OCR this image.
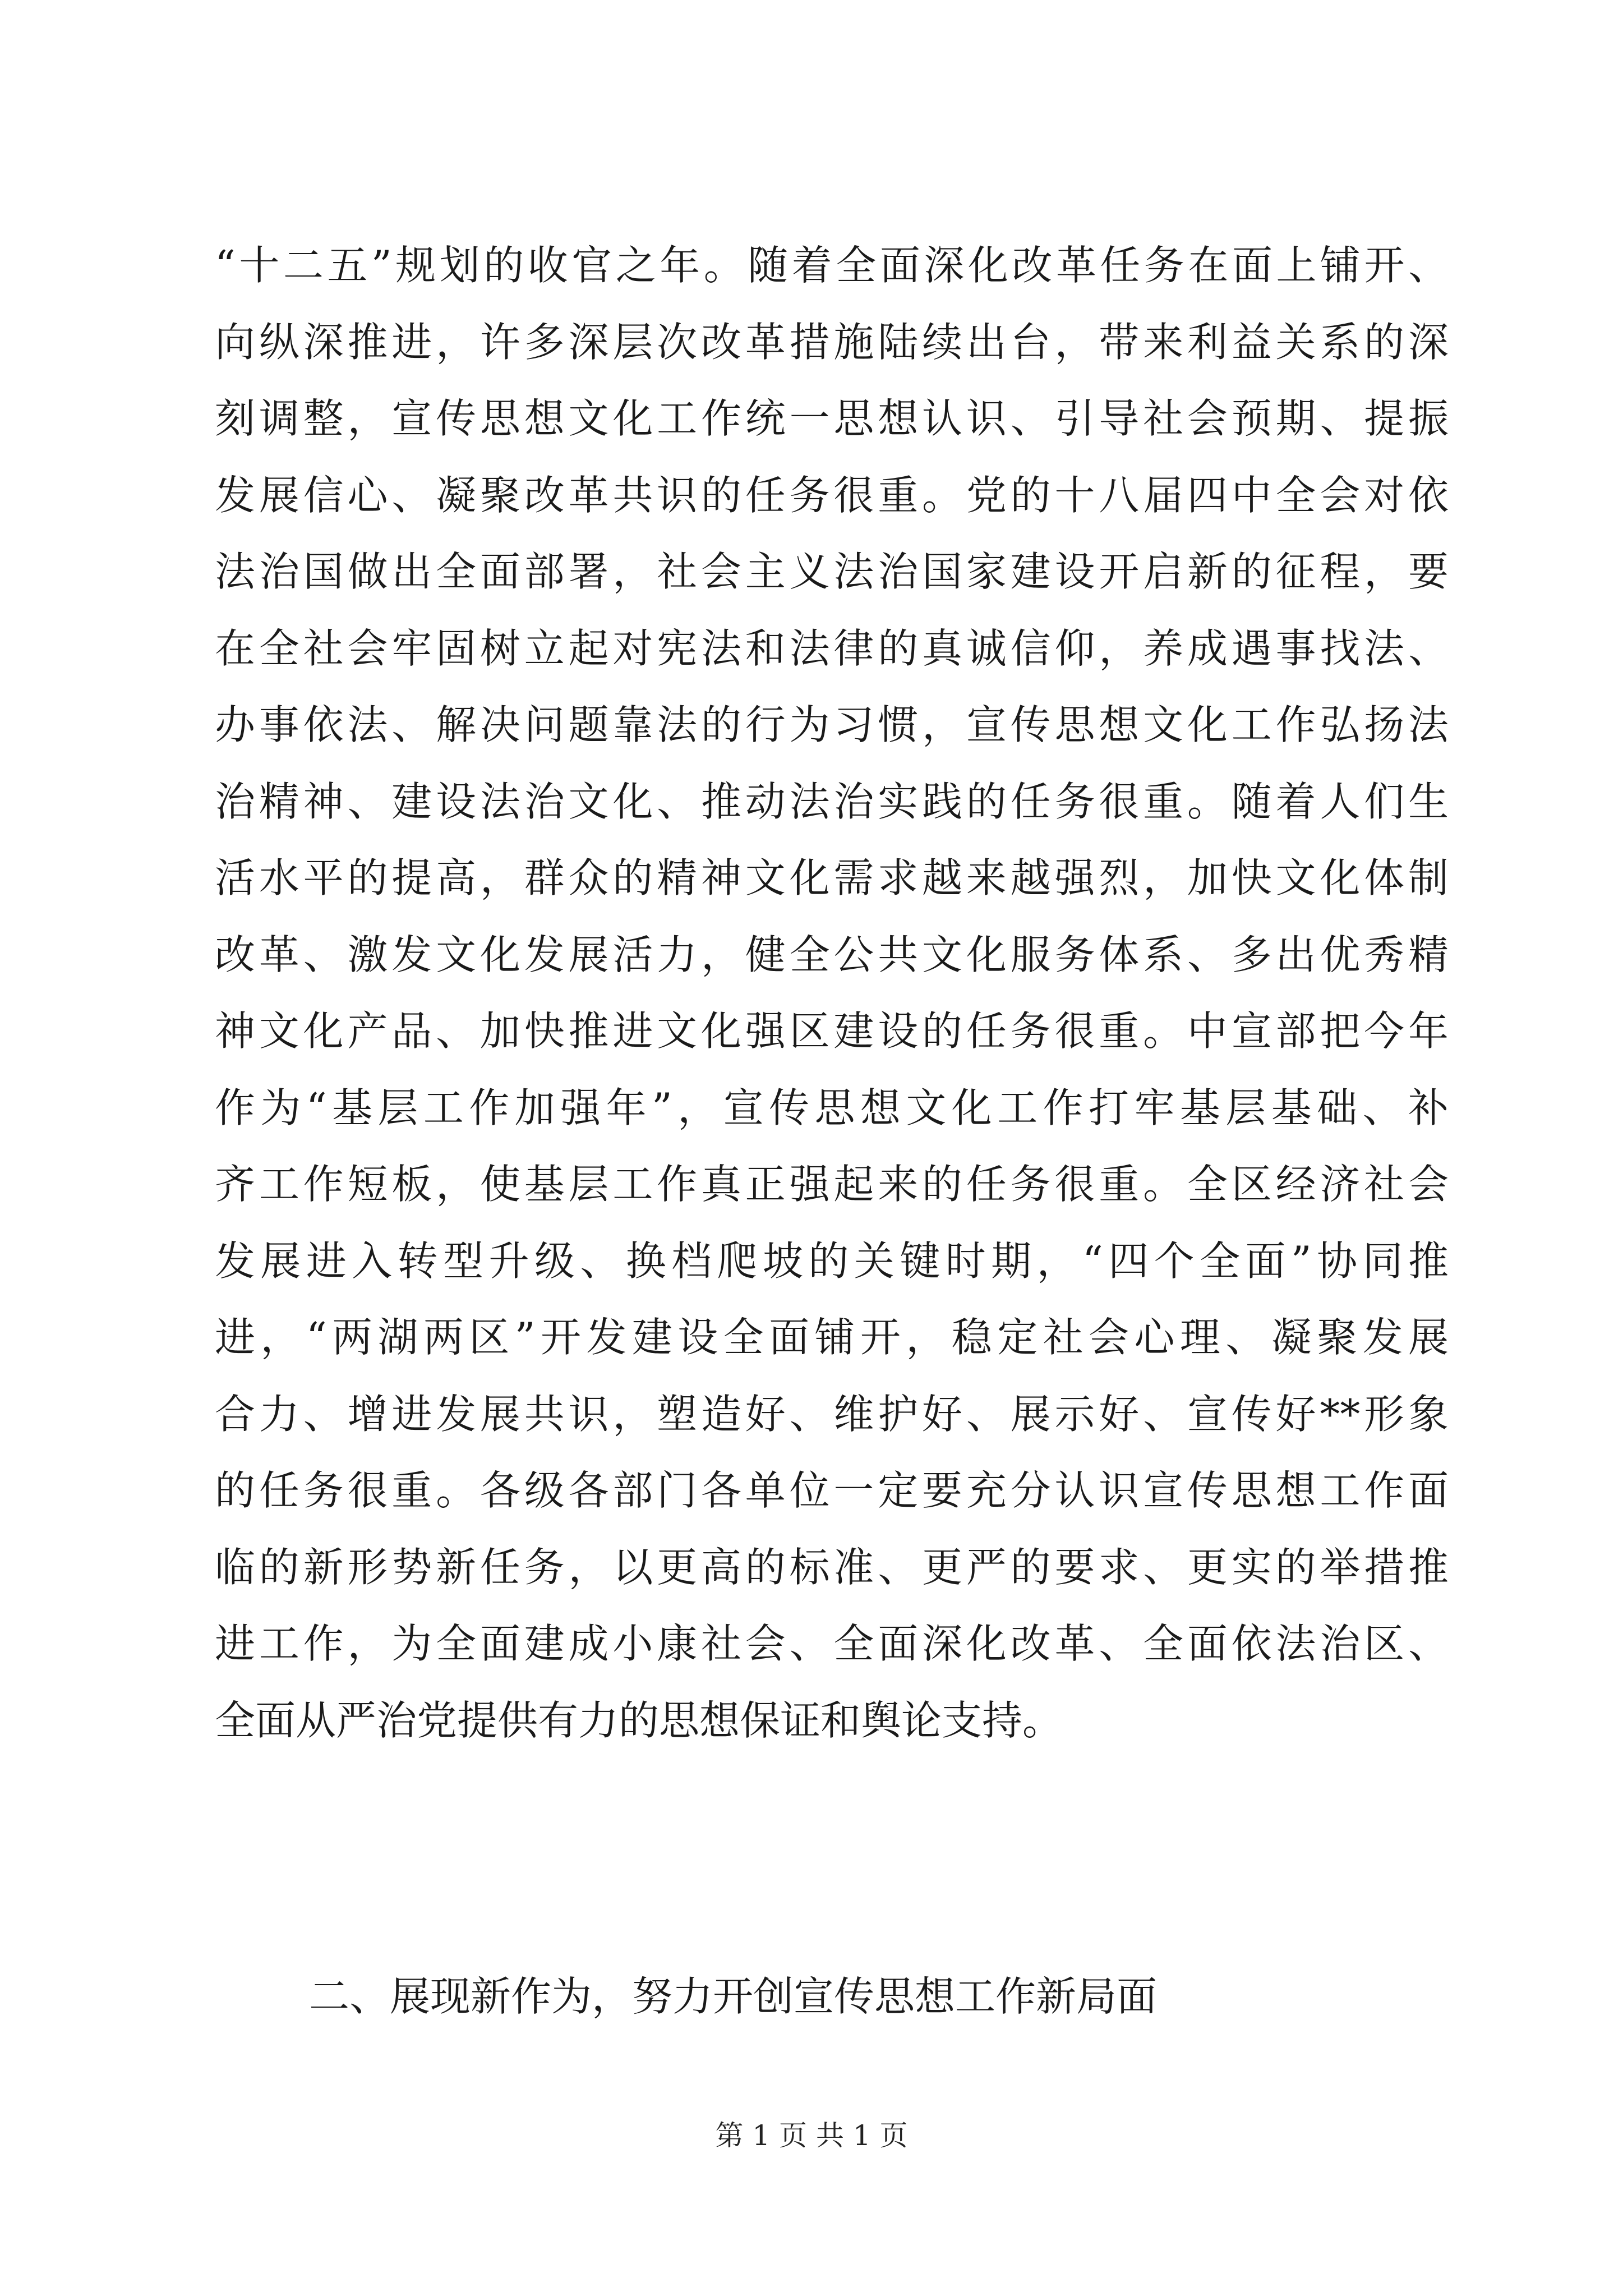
“十二五”规划的收官之年。随着全面深化改革任务在面上铺开、
向纵深推进，许多深层次改革措施陆续出台，带来利益关系的深
刻调整，宣传思想文化工作统一思想认识、引导社会预期、提振
发展信心、凝聚改革共识的任务很重。党的十八届四中全会对依
法治国做出全面部署，社会主义法治国家建设开启新的征程，要
在全社会牢固树立起对宪法和法律的真诚信仰，养成遇事找法、
办事依法、解决问题靠法的行为习惯，宣传思想文化工作弘扬法
治精神、建设法治文化、推动法治实践的任务很重。随着人们生
活水平的提高，群众的精神文化需求越来越强烈，加快文化体制
改革、激发文化发展活力，健全公共文化服务体系、多出优秀精
神文化产品、加快推进文化强区建设的任务很重。中宣部把今年
作为“基层工作加强年”，宣传思想文化工作打牢基层基础、补
齐工作短板，使基层工作真正强起来的任务很重。全区经济社会
发展进入转型升级、换档爬坡的关键时期，“四个全面”协同推
进，“两湖两区”开发建设全面铺开，稳定社会心理、凝聚发展
合力、增进发展共识，塑造好、维护好、展示好、宣传好**形象
的任务很重。各级各部门各单位一定要充分认识宣传思想工作面
临的新形势新任务，以更高的标准、更严的要求、更实的举措推
进工作，为全面建成小康社会、全面深化改革、全面依法治区、
全面从严治党提供有力的思想保证和舆论支持。
二、展现新作为，努力开创宣传思想工作新局面
第 1 页 共 1 页
